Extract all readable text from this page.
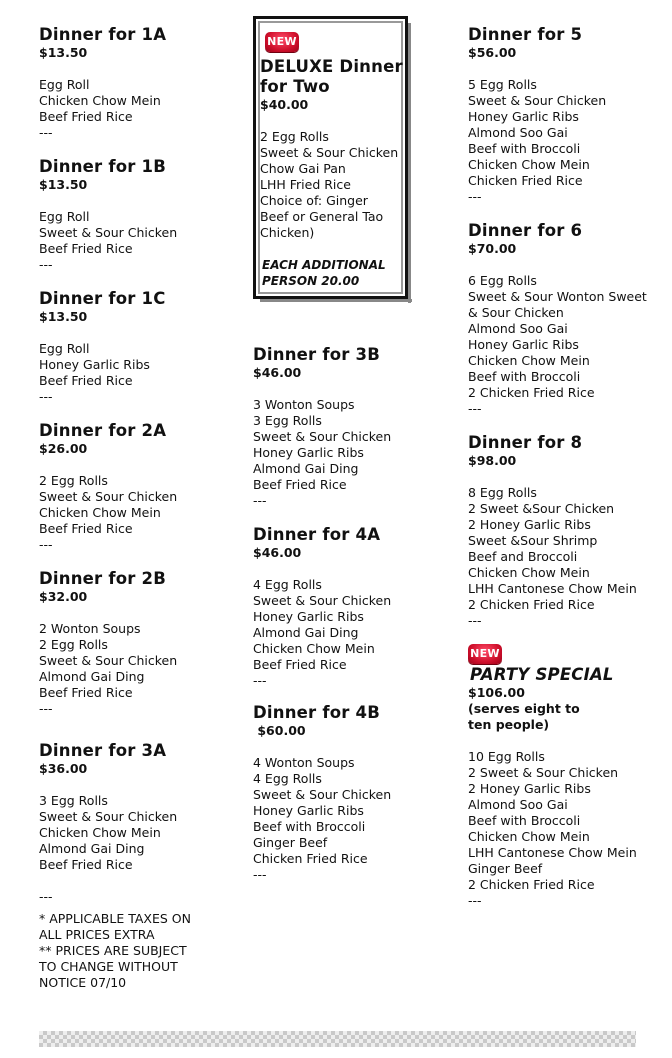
Dinner for 1A
$13.50
Egg Roll
Chicken Chow Mein
Beef Fried Rice
---
Dinner for 1B
$13.50
Egg Roll
Sweet & Sour Chicken
Beef Fried Rice
---
Dinner for 1C
$13.50
Egg Roll
Honey Garlic Ribs
Beef Fried Rice
---
Dinner for 2A
$26.00
2 Egg Rolls
Sweet & Sour Chicken
Chicken Chow Mein
Beef Fried Rice
---
Dinner for 2B
$32.00
2 Wonton Soups
2 Egg Rolls
Sweet & Sour Chicken
Almond Gai Ding
Beef Fried Rice
---
Dinner for 3A
$36.00
3 Egg Rolls
Sweet & Sour Chicken
Chicken Chow Mein
Almond Gai Ding
Beef Fried Rice
---
* APPLICABLE TAXES ON
ALL PRICES EXTRA
** PRICES ARE SUBJECT
TO CHANGE WITHOUT
NOTICE 07/10
NEW
DELUXE Dinner
for Two
$40.00
2 Egg Rolls
Sweet & Sour Chicken
Chow Gai Pan
LHH Fried Rice
Choice of: Ginger
Beef or General Tao
Chicken)
EACH ADDITIONAL
PERSON 20.00
Dinner for 3B
$46.00
3 Wonton Soups
3 Egg Rolls
Sweet & Sour Chicken
Honey Garlic Ribs
Almond Gai Ding
Beef Fried Rice
---
Dinner for 4A
$46.00
4 Egg Rolls
Sweet & Sour Chicken
Honey Garlic Ribs
Almond Gai Ding
Chicken Chow Mein
Beef Fried Rice
---
Dinner for 4B
$60.00
4 Wonton Soups
4 Egg Rolls
Sweet & Sour Chicken
Honey Garlic Ribs
Beef with Broccoli
Ginger Beef
Chicken Fried Rice
---
Dinner for 5
$56.00
5 Egg Rolls
Sweet & Sour Chicken
Honey Garlic Ribs
Almond Soo Gai
Beef with Broccoli
Chicken Chow Mein
Chicken Fried Rice
---
Dinner for 6
$70.00
6 Egg Rolls
Sweet & Sour Wonton Sweet
& Sour Chicken
Almond Soo Gai
Honey Garlic Ribs
Chicken Chow Mein
Beef with Broccoli
2 Chicken Fried Rice
---
Dinner for 8
$98.00
8 Egg Rolls
2 Sweet &Sour Chicken
2 Honey Garlic Ribs
Sweet &Sour Shrimp
Beef and Broccoli
Chicken Chow Mein
LHH Cantonese Chow Mein
2 Chicken Fried Rice
---
NEW
PARTY SPECIAL
$106.00
(serves eight to
ten people)
10 Egg Rolls
2 Sweet & Sour Chicken
2 Honey Garlic Ribs
Almond Soo Gai
Beef with Broccoli
Chicken Chow Mein
LHH Cantonese Chow Mein
Ginger Beef
2 Chicken Fried Rice
---
